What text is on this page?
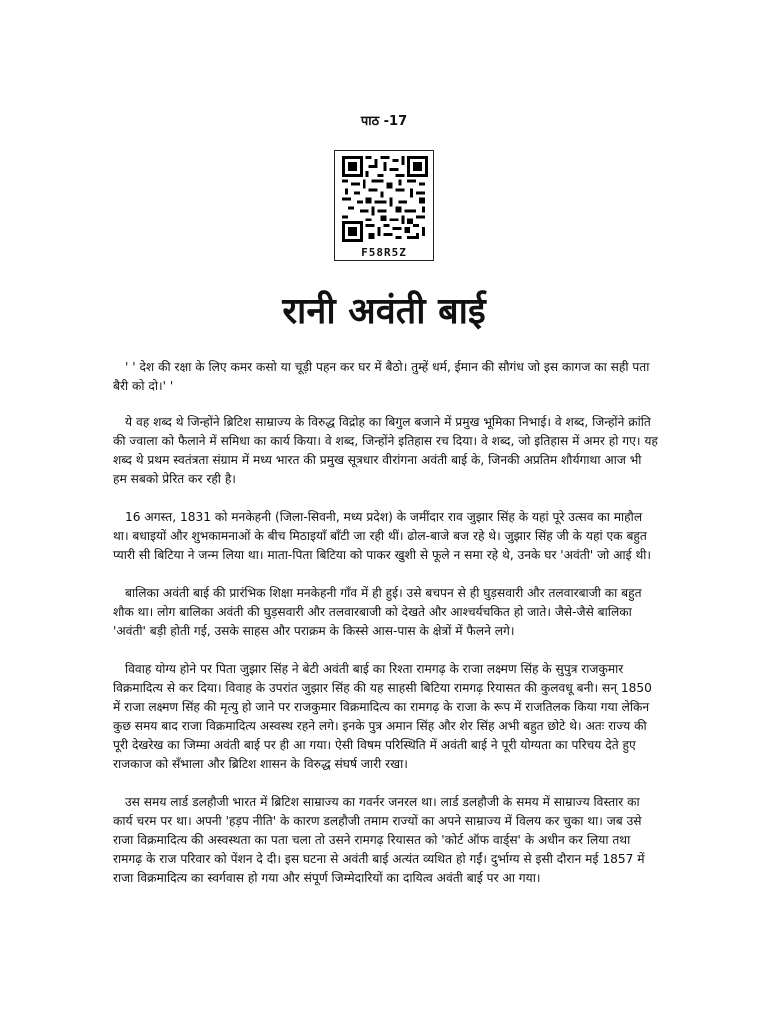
पाठ -17
F58R5Z
रानी अवंती बाई

' ' देश की रक्षा के लिए कमर कसो या चूड़ी पहन कर घर में बैठो। तुम्हें धर्म, ईमान की सौगंध जो इस कागज का सही पता बैरी को दो।' '

ये वह शब्द थे जिन्होंने ब्रिटिश साम्राज्य के विरुद्ध विद्रोह का बिगुल बजाने में प्रमुख भूमिका निभाई। वे शब्द, जिन्होंने क्रांति की ज्वाला को फैलाने में समिधा का कार्य किया। वे शब्द, जिन्होंने इतिहास रच दिया। वे शब्द, जो इतिहास में अमर हो गए। यह शब्द थे प्रथम स्वतंत्रता संग्राम में मध्य भारत की प्रमुख सूत्रधार वीरांगना अवंती बाई के, जिनकी अप्रतिम शौर्यगाथा आज भी हम सबको प्रेरित कर रही है।

16 अगस्त, 1831 को मनकेहनी (जिला-सिवनी, मध्य प्रदेश) के जमींदार राव जुझार सिंह के यहां पूरे उत्सव का माहौल था। बधाइयों और शुभकामनाओं के बीच मिठाइयाँ बाँटी जा रही थीं। ढोल-बाजे बज रहे थे। जुझार सिंह जी के यहां एक बहुत प्यारी सी बिटिया ने जन्म लिया था। माता-पिता बिटिया को पाकर खुशी से फूले न समा रहे थे, उनके घर 'अवंती' जो आई थी।

बालिका अवंती बाई की प्रारंभिक शिक्षा मनकेहनी गाँव में ही हुई। उसे बचपन से ही घुड़सवारी और तलवारबाजी का बहुत शौक था। लोग बालिका अवंती की घुड़सवारी और तलवारबाजी को देखते और आश्चर्यचकित हो जाते। जैसे-जैसे बालिका 'अवंती' बड़ी होती गई, उसके साहस और पराक्रम के किस्से आस-पास के क्षेत्रों में फैलने लगे।

विवाह योग्य होने पर पिता जुझार सिंह ने बेटी अवंती बाई का रिश्ता रामगढ़ के राजा लक्ष्मण सिंह के सुपुत्र राजकुमार विक्रमादित्य से कर दिया। विवाह के उपरांत जुझार सिंह की यह साहसी बिटिया रामगढ़ रियासत की कुलवधू बनी। सन् 1850 में राजा लक्ष्मण सिंह की मृत्यु हो जाने पर राजकुमार विक्रमादित्य का रामगढ़ के राजा के रूप में राजतिलक किया गया लेकिन कुछ समय बाद राजा विक्रमादित्य अस्वस्थ रहने लगे। इनके पुत्र अमान सिंह और शेर सिंह अभी बहुत छोटे थे। अतः राज्य की पूरी देखरेख का जिम्मा अवंती बाई पर ही आ गया। ऐसी विषम परिस्थिति में अवंती बाई ने पूरी योग्यता का परिचय देते हुए राजकाज को सँभाला और ब्रिटिश शासन के विरुद्ध संघर्ष जारी रखा।

उस समय लार्ड डलहौजी भारत में ब्रिटिश साम्राज्य का गवर्नर जनरल था। लार्ड डलहौजी के समय में साम्राज्य विस्तार का कार्य चरम पर था। अपनी 'हड़प नीति' के कारण डलहौजी तमाम राज्यों का अपने साम्राज्य में विलय कर चुका था। जब उसे राजा विक्रमादित्य की अस्वस्थता का पता चला तो उसने रामगढ़ रियासत को 'कोर्ट ऑफ वार्ड्स' के अधीन कर लिया तथा रामगढ़ के राज परिवार को पेंशन दे दी। इस घटना से अवंती बाई अत्यंत व्यथित हो गईं। दुर्भाग्य से इसी दौरान मई 1857 में राजा विक्रमादित्य का स्वर्गवास हो गया और संपूर्ण जिम्मेदारियों का दायित्व अवंती बाई पर आ गया।
